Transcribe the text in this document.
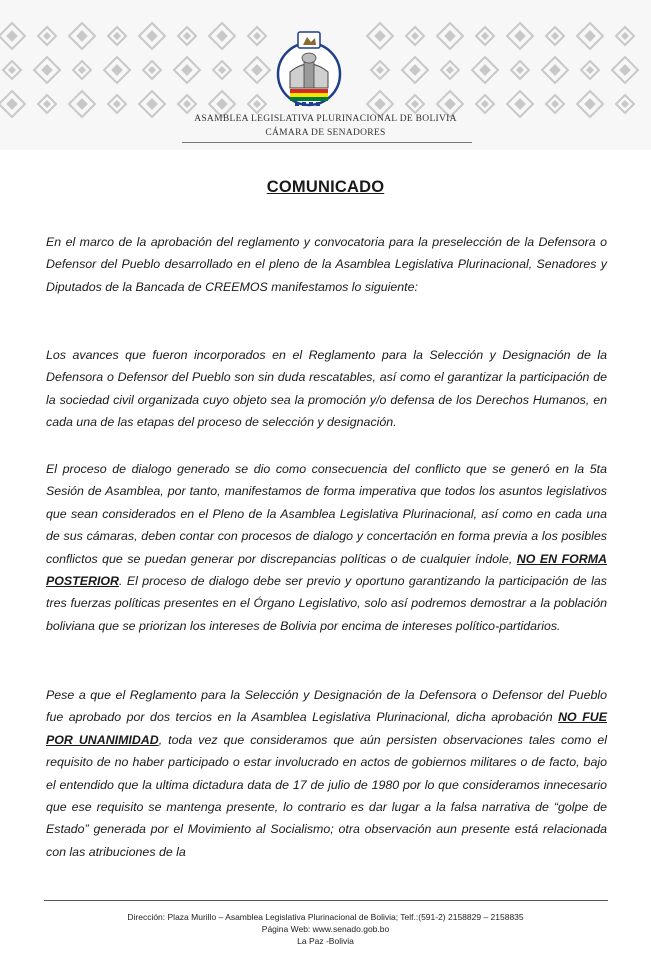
ASAMBLEA LEGISLATIVA PLURINACIONAL DE BOLIVIA
CÁMARA DE SENADORES
COMUNICADO

En el marco de la aprobación del reglamento y convocatoria para la preselección de la Defensora o Defensor del Pueblo desarrollado en el pleno de la Asamblea Legislativa Plurinacional, Senadores y Diputados de la Bancada de CREEMOS manifestamos lo siguiente:

Los avances que fueron incorporados en el Reglamento para la Selección y Designación de la Defensora o Defensor del Pueblo son sin duda rescatables, así como el garantizar la participación de la sociedad civil organizada cuyo objeto sea la promoción y/o defensa de los Derechos Humanos, en cada una de las etapas del proceso de selección y designación.

El proceso de dialogo generado se dio como consecuencia del conflicto que se generó en la 5ta Sesión de Asamblea, por tanto, manifestamos de forma imperativa que todos los asuntos legislativos que sean considerados en el Pleno de la Asamblea Legislativa Plurinacional, así como en cada una de sus cámaras, deben contar con procesos de dialogo y concertación en forma previa a los posibles conflictos que se puedan generar por discrepancias políticas o de cualquier índole, NO EN FORMA POSTERIOR. El proceso de dialogo debe ser previo y oportuno garantizando la participación de las tres fuerzas políticas presentes en el Órgano Legislativo, solo así podremos demostrar a la población boliviana que se priorizan los intereses de Bolivia por encima de intereses político-partidarios.

Pese a que el Reglamento para la Selección y Designación de la Defensora o Defensor del Pueblo fue aprobado por dos tercios en la Asamblea Legislativa Plurinacional, dicha aprobación NO FUE POR UNANIMIDAD, toda vez que consideramos que aún persisten observaciones tales como el requisito de no haber participado o estar involucrado en actos de gobiernos militares o de facto, bajo el entendido que la ultima dictadura data de 17 de julio de 1980 por lo que consideramos innecesario que ese requisito se mantenga presente, lo contrario es dar lugar a la falsa narrativa de “golpe de Estado” generada por el Movimiento al Socialismo; otra observación aun presente está relacionada con las atribuciones de la

Dirección: Plaza Murillo – Asamblea Legislativa Plurinacional de Bolivia; Telf.:(591-2) 2158829 – 2158835
Página Web: www.senado.gob.bo
La Paz -Bolivia
